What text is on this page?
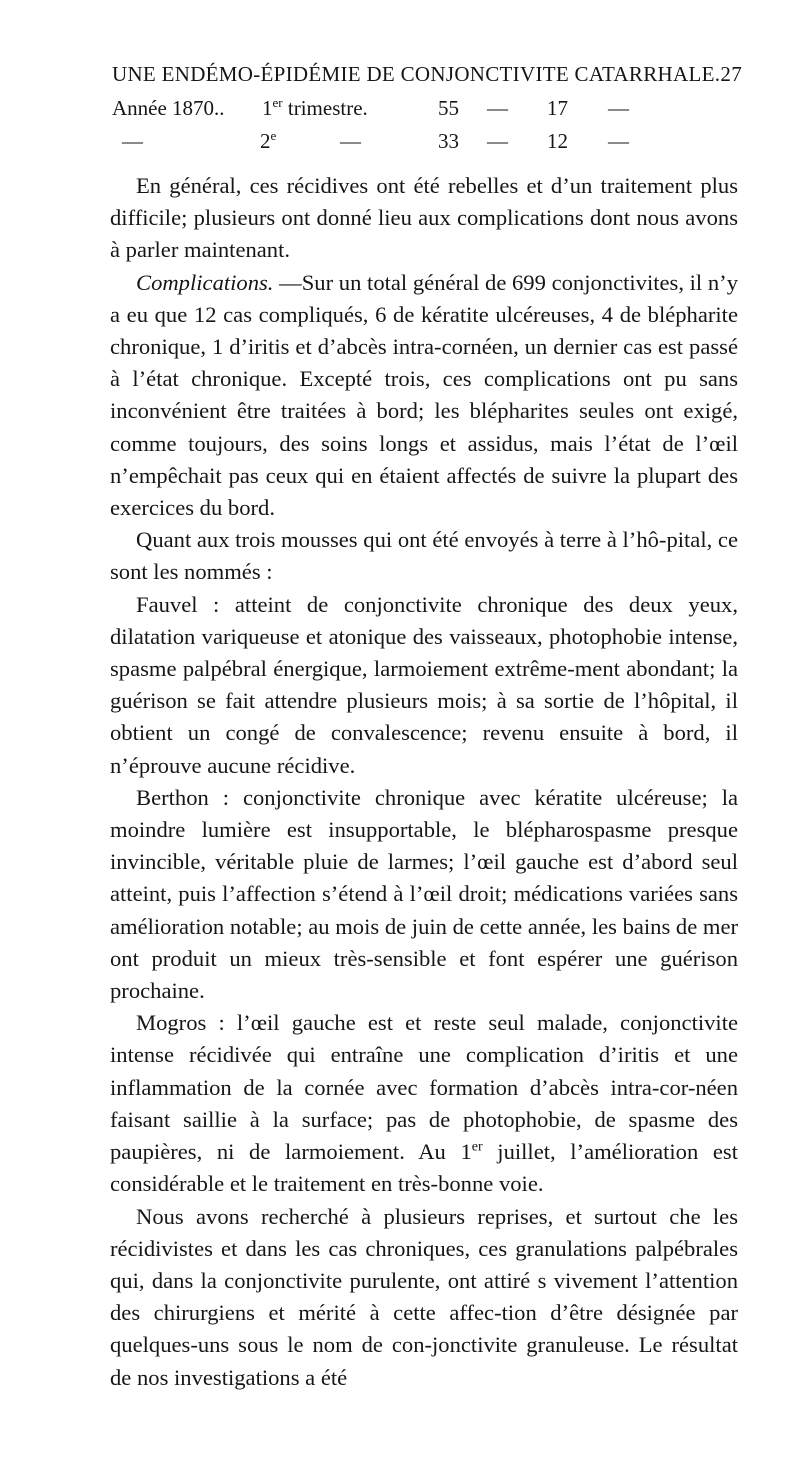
UNE ENDÉMO-ÉPIDÉMIE DE CONJONCTIVITE CATARRHALE. 27
Année 1870.. 1er trimestre.	55 — 17 —
—	2e	—	33 — 12 —

En général, ces récidives ont été rebelles et d’un traitement plus difficile; plusieurs ont donné lieu aux complications dont nous avons à parler maintenant.

Complications. —Sur un total général de 699 conjonctivites, il n’y a eu que 12 cas compliqués, 6 de kératite ulcéreuses, 4 de blépharite chronique, 1 d’iritis et d’abcès intra-cornéen, un dernier cas est passé à l’état chronique. Excepté trois, ces complications ont pu sans inconvénient être traitées à bord; les blépharites seules ont exigé, comme toujours, des soins longs et assidus, mais l’état de l’œil n’empêchait pas ceux qui en étaient affectés de suivre la plupart des exercices du bord.

Quant aux trois mousses qui ont été envoyés à terre à l’hô-pital, ce sont les nommés :

Fauvel : atteint de conjonctivite chronique des deux yeux, dilatation variqueuse et atonique des vaisseaux, photophobie intense, spasme palpébral énergique, larmoiement extrême-ment abondant; la guérison se fait attendre plusieurs mois; à sa sortie de l’hôpital, il obtient un congé de convalescence; revenu ensuite à bord, il n’éprouve aucune récidive.

Berthon : conjonctivite chronique avec kératite ulcéreuse; la moindre lumière est insupportable, le blépharospasme presque invincible, véritable pluie de larmes; l’œil gauche est d’abord seul atteint, puis l’affection s’étend à l’œil droit; médications variées sans amélioration notable; au mois de juin de cette année, les bains de mer ont produit un mieux très-sensible et font espérer une guérison prochaine.

Mogros : l’œil gauche est et reste seul malade, conjonctivite intense récidivée qui entraîne une complication d’iritis et une inflammation de la cornée avec formation d’abcès intra-cor-néen faisant saillie à la surface; pas de photophobie, de spasme des paupières, ni de larmoiement. Au 1er juillet, l’amélioration est considérable et le traitement en très-bonne voie.

Nous avons recherché à plusieurs reprises, et surtout che les récidivistes et dans les cas chroniques, ces granulations palpébrales qui, dans la conjonctivite purulente, ont attiré s vivement l’attention des chirurgiens et mérité à cette affec-tion d’être désignée par quelques-uns sous le nom de con-jonctivite granuleuse. Le résultat de nos investigations a été
